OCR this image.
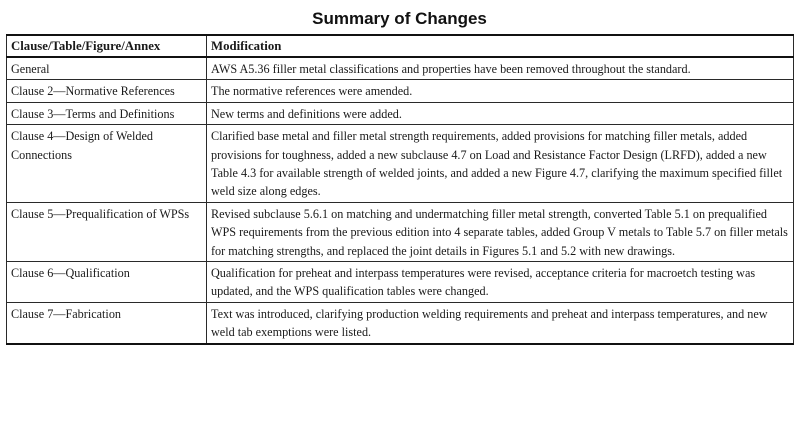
Summary of Changes
Clause/Table/Figure/Annex	Modification
General	AWS A5.36 filler metal classifications and properties have been removed throughout the standard.
Clause 2—Normative References	The normative references were amended.
Clause 3—Terms and Definitions	New terms and definitions were added.
Clause 4—Design of Welded Connections	Clarified base metal and filler metal strength requirements, added provisions for matching filler metals, added provisions for toughness, added a new subclause 4.7 on Load and Resistance Factor Design (LRFD), added a new Table 4.3 for available strength of welded joints, and added a new Figure 4.7, clarifying the maximum specified fillet weld size along edges.
Clause 5—Prequalification of WPSs	Revised subclause 5.6.1 on matching and undermatching filler metal strength, converted Table 5.1 on prequalified WPS requirements from the previous edition into 4 separate tables, added Group V metals to Table 5.7 on filler metals for matching strengths, and replaced the joint details in Figures 5.1 and 5.2 with new drawings.
Clause 6—Qualification	Qualification for preheat and interpass temperatures were revised, acceptance criteria for macroetch testing was updated, and the WPS qualification tables were changed.
Clause 7—Fabrication	Text was introduced, clarifying production welding requirements and preheat and interpass temperatures, and new weld tab exemptions were listed.
